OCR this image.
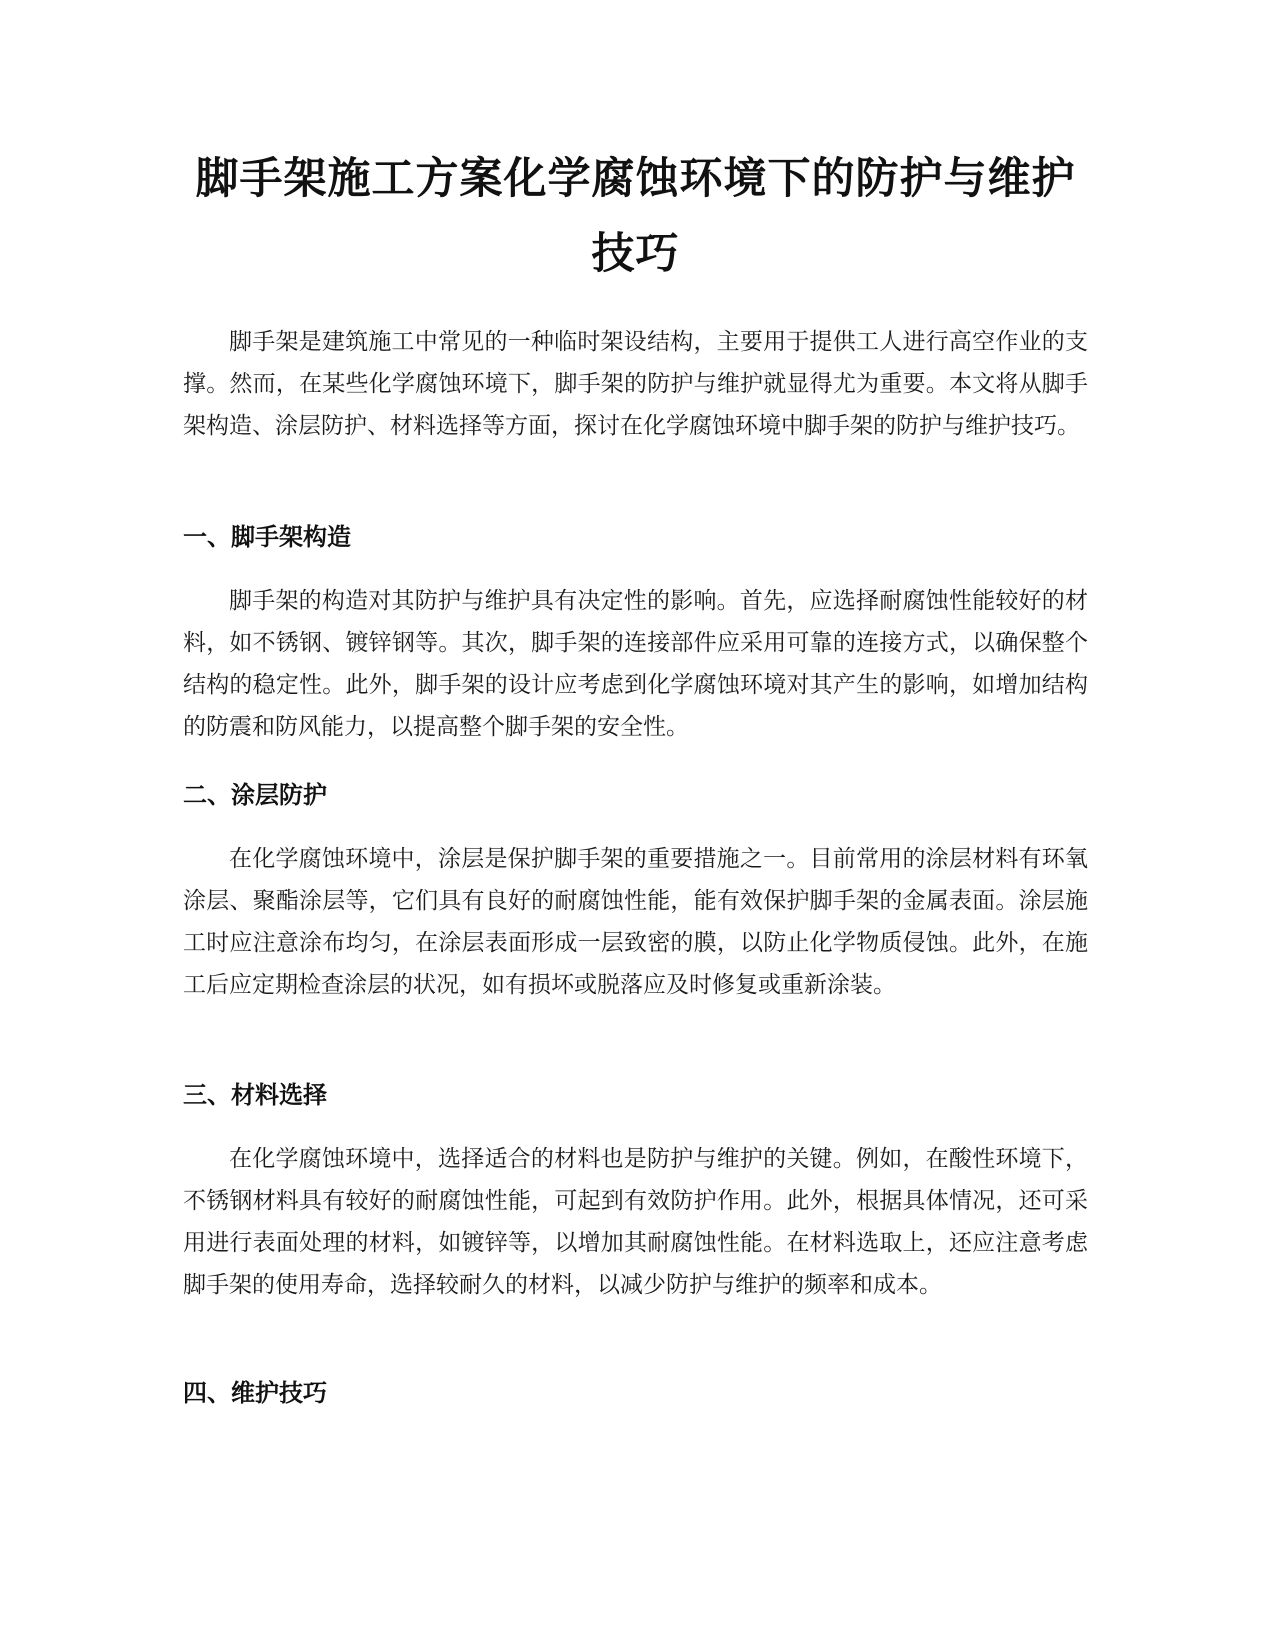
脚手架施工方案化学腐蚀环境下的防护与维护技巧

脚手架是建筑施工中常见的一种临时架设结构，主要用于提供工人进行高空作业的支撑。然而，在某些化学腐蚀环境下，脚手架的防护与维护就显得尤为重要。本文将从脚手架构造、涂层防护、材料选择等方面，探讨在化学腐蚀环境中脚手架的防护与维护技巧。

一、脚手架构造

脚手架的构造对其防护与维护具有决定性的影响。首先，应选择耐腐蚀性能较好的材料，如不锈钢、镀锌钢等。其次，脚手架的连接部件应采用可靠的连接方式，以确保整个结构的稳定性。此外，脚手架的设计应考虑到化学腐蚀环境对其产生的影响，如增加结构的防震和防风能力，以提高整个脚手架的安全性。

二、涂层防护

在化学腐蚀环境中，涂层是保护脚手架的重要措施之一。目前常用的涂层材料有环氧涂层、聚酯涂层等，它们具有良好的耐腐蚀性能，能有效保护脚手架的金属表面。涂层施工时应注意涂布均匀，在涂层表面形成一层致密的膜，以防止化学物质侵蚀。此外，在施工后应定期检查涂层的状况，如有损坏或脱落应及时修复或重新涂装。

三、材料选择

在化学腐蚀环境中，选择适合的材料也是防护与维护的关键。例如，在酸性环境下，不锈钢材料具有较好的耐腐蚀性能，可起到有效防护作用。此外，根据具体情况，还可采用进行表面处理的材料，如镀锌等，以增加其耐腐蚀性能。在材料选取上，还应注意考虑脚手架的使用寿命，选择较耐久的材料，以减少防护与维护的频率和成本。

四、维护技巧
